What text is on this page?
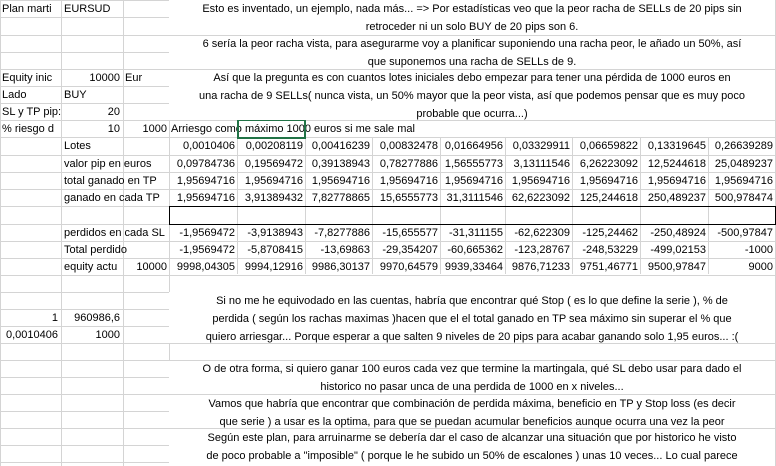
Plan marti	EURSUD
Equity inic	10000 Eur
Lado	BUY
SL y TP pip:	20
% riesgo d	10	1000 Arriesgo como máximo 1000 euros si me sale mal
1	960986,6
0,0010406	1000
Esto es inventado, un ejemplo, nada más... => Por estadísticas veo que la peor racha de SELLs de 20 pips sin
retroceder ni un solo BUY de 20 pips son 6.
6 sería la peor racha vista, para asegurarme voy a planificar suponiendo una racha peor, le añado un 50%, así
que suponemos una racha de SELLs de 9.
Así que la pregunta es con cuantos lotes iniciales debo empezar para tener una pérdida de 1000 euros en
una racha de 9 SELLs( nunca vista, un 50% mayor que la peor vista, así que podemos pensar que es muy poco
probable que ocurra...)
Si no me he equivodado en las cuentas, habría que encontrar qué Stop ( es lo que define la serie ), % de
perdida ( según los rachas maximas )hacen que el el total ganado en TP sea máximo sin superar el % que
quiero arriesgar... Porque esperar a que salten 9 niveles de 20 pips para acabar ganando solo 1,95 euros... :(
O de otra forma, si quiero ganar 100 euros cada vez que termine la martingala, qué SL debo usar para dado el
historico no pasar unca de una perdida de 1000 en x niveles...
Vamos que habría que encontrar que combinación de perdida máxima, beneficio en TP y Stop loss (es decir
que serie ) a usar es la optima, para que se puedan acumular beneficios aunque ocurra una vez la peor
Según este plan, para arruinarme se debería dar el caso de alcanzar una situación que por historico he visto
de poco probable a "imposible" ( porque le he subido un 50% de escalones ) unas 10 veces... Lo cual parece
Lotes	0,0010406 0,00208119 0,00416239 0,00832478 0,01664956 0,03329911 0,06659822 0,13319645 0,26639289
valor pip en euros	0,09784736 0,19569472 0,39138943 0,78277886 1,56555773 3,13111546 6,26223092 12,5244618 25,0489237
total ganado en TP	1,95694716 1,95694716 1,95694716 1,95694716 1,95694716 1,95694716 1,95694716 1,95694716 1,95694716
ganado en cada TP	1,95694716 3,91389432 7,82778865 15,6555773 31,3111546 62,6223092 125,244618 250,489237 500,978474
perdidos en cada SL	-1,9569472	-3,9138943	-7,8277886	-15,655577 -31,311155	-62,622309	-125,24462	-250,48924	-500,97847
Total perdido	-1,9569472	-5,8708415	-13,69863	-29,354207 -60,665362	-123,28767	-248,53229	-499,02153	-1000
equity actu	10000 9998,04305 9994,12916 9986,30137 9970,64579 9939,33464 9876,71233 9751,46771 9500,97847	9000
